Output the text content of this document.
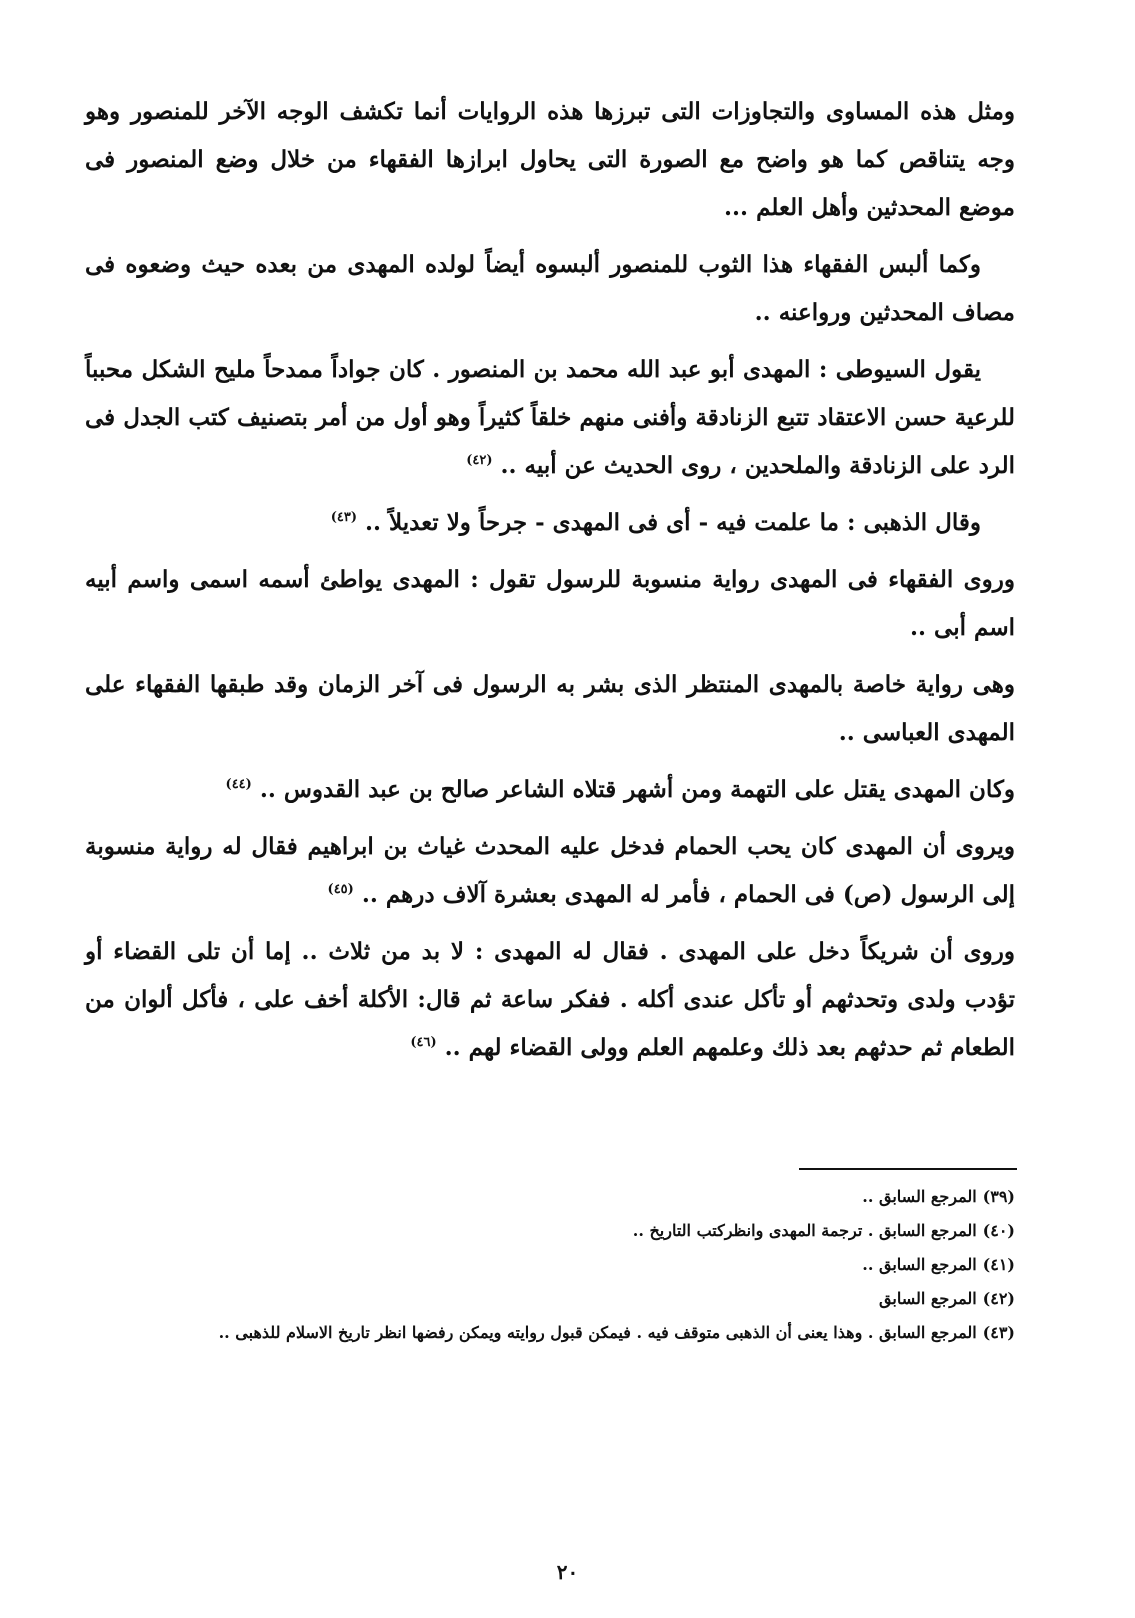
ومثل هذه المساوى والتجاوزات التى تبرزها هذه الروايات أنما تكشف الوجه الآخر للمنصور وهو وجه يتناقص كما هو واضح مع الصورة التى يحاول ابرازها الفقهاء من خلال وضع المنصور فى موضع المحدثين وأهل العلم ...

وكما ألبس الفقهاء هذا الثوب للمنصور ألبسوه أيضاً لولده المهدى من بعده حيث وضعوه فى مصاف المحدثين ورواعنه ..

يقول السيوطى : المهدى أبو عبد الله محمد بن المنصور . كان جواداً ممدحاً مليح الشكل محبباً للرعية حسن الاعتقاد تتبع الزنادقة وأفنى منهم خلقاً كثيراً وهو أول من أمر بتصنيف كتب الجدل فى الرد على الزنادقة والملحدين ، روى الحديث عن أبيه ..$^{(٤٢)}$

وقال الذهبى : ما علمت فيه - أى فى المهدى - جرحاً ولا تعديلاً ..$^{(٤٣)}$

وروى الفقهاء فى المهدى رواية منسوبة للرسول تقول : المهدى يواطئ أسمه اسمى واسم أبيه اسم أبى ..

وهى رواية خاصة بالمهدى المنتظر الذى بشر به الرسول فى آخر الزمان وقد طبقها الفقهاء على المهدى العباسى ..

وكان المهدى يقتل على التهمة ومن أشهر قتلاه الشاعر صالح بن عبد القدوس ..$^{(٤٤)}$

ويروى أن المهدى كان يحب الحمام فدخل عليه المحدث غياث بن ابراهيم فقال له رواية منسوبة إلى الرسول (ص) فى الحمام ، فأمر له المهدى بعشرة آلاف درهم ..$^{(٤٥)}$

وروى أن شريكاً دخل على المهدى . فقال له المهدى : لا بد من ثلاث .. إما أن تلى القضاء أو تؤدب ولدى وتحدثهم أو تأكل عندى أكله . ففكر ساعة ثم قال: الأكلة أخف على ، فأكل ألوان من الطعام ثم حدثهم بعد ذلك وعلمهم العلم وولى القضاء لهم ..$^{(٤٦)}$

(٣٩)المرجع السابق ..

(٤٠)المرجع السابق . ترجمة المهدى وانظركتب التاريخ ..

(٤١)المرجع السابق ..

(٤٢)المرجع السابق

(٤٣)المرجع السابق . وهذا يعنى أن الذهبى متوقف فيه . فيمكن قبول روايته ويمكن رفضها انظر تاريخ الاسلام للذهبى ..

٢٠
